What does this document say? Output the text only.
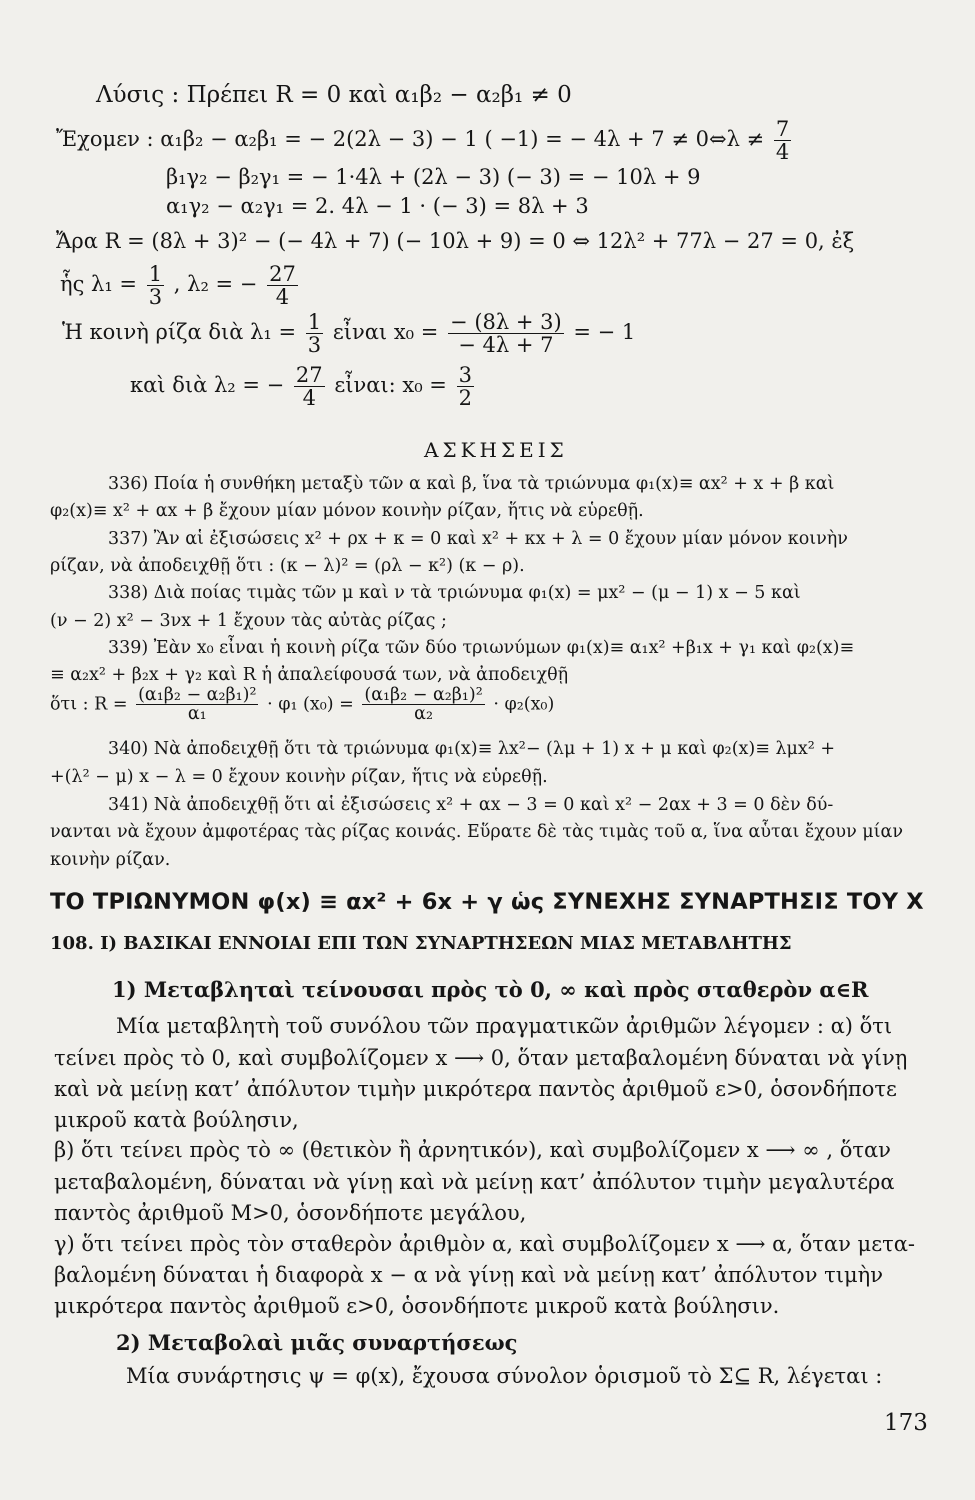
Λύσις : Πρέπει R = 0 καὶ α₁β₂ − α₂β₁ ≠ 0
Ἔχομεν : α₁β₂ − α₂β₁ = − 2(2λ − 3) − 1 ( −1) = − 4λ + 7 ≠ 0⇔λ ≠ $\frac{7}{4}$
β₁γ₂ − β₂γ₁ = − 1·4λ + (2λ − 3) (− 3) = − 10λ + 9
α₁γ₂ − α₂γ₁ = 2. 4λ − 1 · (− 3) = 8λ + 3
Ἄρα R = (8λ + 3)² − (− 4λ + 7) (− 10λ + 9) = 0 ⇔ 12λ² + 77λ − 27 = 0, ἐξ
ἧς $\lambda_1 = \frac{1}{3}$ , λ₂ = − $\frac{27}{4}$
Ἡ κοινὴ ρίζα διὰ $\lambda_1 = \frac{1}{3}$ εἶναι $x_0 = \frac{- (8\lambda + 3)}{- 4\lambda + 7}$ = − 1
καὶ διὰ λ₂ = − $\frac{27}{4}$ εἶναι: $x_0 = \frac{3}{2}$
ΑΣΚΗΣΕΙΣ
336) Ποία ἡ συνθήκη μεταξὺ τῶν α καὶ β, ἵνα τὰ τριώνυμα φ₁(x)≡ αx² + x + β καὶ
φ₂(x)≡ x² + αx + β ἔχουν μίαν μόνον κοινὴν ρίζαν, ἥτις νὰ εὑρεθῇ.
337) Ἂν αἱ ἐξισώσεις x² + ρx + κ = 0 καὶ x² + κx + λ = 0 ἔχουν μίαν μόνον κοινὴν
ρίζαν, νὰ ἀποδειχθῇ ὅτι : (κ − λ)² = (ρλ − κ²) (κ − ρ).
338) Διὰ ποίας τιμὰς τῶν μ καὶ ν τὰ τριώνυμα φ₁(x) = μx² − (μ − 1) x − 5 καὶ
(ν − 2) x² − 3νx + 1 ἔχουν τὰς αὐτὰς ρίζας ;
339) Ἐὰν x₀ εἶναι ἡ κοινὴ ρίζα τῶν δύο τριωνύμων φ₁(x)≡ α₁x² +β₁x + γ₁ καὶ φ₂(x)≡
≡ α₂x² + β₂x + γ₂ καὶ R ἡ ἀπαλείφουσά των, νὰ ἀποδειχθῇ
ὅτι : $R = \frac{\text{(α₁β₂ − α₂β₁)²}}{\text{α₁}} \cdot \varphi_1$ $(x_0) = \frac{\text{(α₁β₂ − α₂β₁)²}}{\text{α₂}} \cdot \varphi_2(x_0)$
340) Νὰ ἀποδειχθῇ ὅτι τὰ τριώνυμα φ₁(x)≡ λx²− (λμ + 1) x + μ καὶ φ₂(x)≡ λμx² +
+(λ² − μ) x − λ = 0 ἔχουν κοινὴν ρίζαν, ἥτις νὰ εὑρεθῇ.
341) Νὰ ἀποδειχθῇ ὅτι αἱ ἐξισώσεις x² + αx − 3 = 0 καὶ x² − 2αx + 3 = 0 δὲν δύ-
νανται νὰ ἔχουν ἀμφοτέρας τὰς ρίζας κοινάς. Εὕρατε δὲ τὰς τιμὰς τοῦ α, ἵνα αὗται ἔχουν μίαν
κοινὴν ρίζαν.
ΤΟ ΤΡΙΩΝΥΜΟΝ φ(x) ≡ αx² + 6x + γ ὡς ΣΥΝΕΧΗΣ ΣΥΝΑΡΤΗΣΙΣ ΤΟΥ Χ
108. Ι) ΒΑΣΙΚΑΙ ΕΝΝΟΙΑΙ ΕΠΙ ΤΩΝ ΣΥΝΑΡΤΗΣΕΩΝ ΜΙΑΣ ΜΕΤΑΒΛΗΤΗΣ
1) Μεταβληταὶ τείνουσαι πρὸς τὸ 0, ∞ καὶ πρὸς σταθερὸν α∈R
Μία μεταβλητὴ τοῦ συνόλου τῶν πραγματικῶν ἀριθμῶν λέγομεν : α) ὅτι
τείνει πρὸς τὸ 0, καὶ συμβολίζομεν x ⟶ 0, ὅταν μεταβαλομένη δύναται νὰ γίνῃ
καὶ νὰ μείνῃ κατ’ ἀπόλυτον τιμὴν μικρότερα παντὸς ἀριθμοῦ ε>0, ὁσονδήποτε
μικροῦ κατὰ βούλησιν,
β) ὅτι τείνει πρὸς τὸ ∞ (θετικὸν ἢ ἀρνητικόν), καὶ συμβολίζομεν x ⟶ ∞ , ὅταν
μεταβαλομένη, δύναται νὰ γίνῃ καὶ νὰ μείνῃ κατ’ ἀπόλυτον τιμὴν μεγαλυτέρα
παντὸς ἀριθμοῦ Μ>0, ὁσονδήποτε μεγάλου,
γ) ὅτι τείνει πρὸς τὸν σταθερὸν ἀριθμὸν α, καὶ συμβολίζομεν x ⟶ α, ὅταν μετα-
βαλομένη δύναται ἡ διαφορὰ x − α νὰ γίνῃ καὶ νὰ μείνῃ κατ’ ἀπόλυτον τιμὴν
μικρότερα παντὸς ἀριθμοῦ ε>0, ὁσονδήποτε μικροῦ κατὰ βούλησιν.
2) Μεταβολαὶ μιᾶς συναρτήσεως
Μία συνάρτησις ψ = φ(x), ἔχουσα σύνολον ὁρισμοῦ τὸ Σ⊆ R, λέγεται :
173
